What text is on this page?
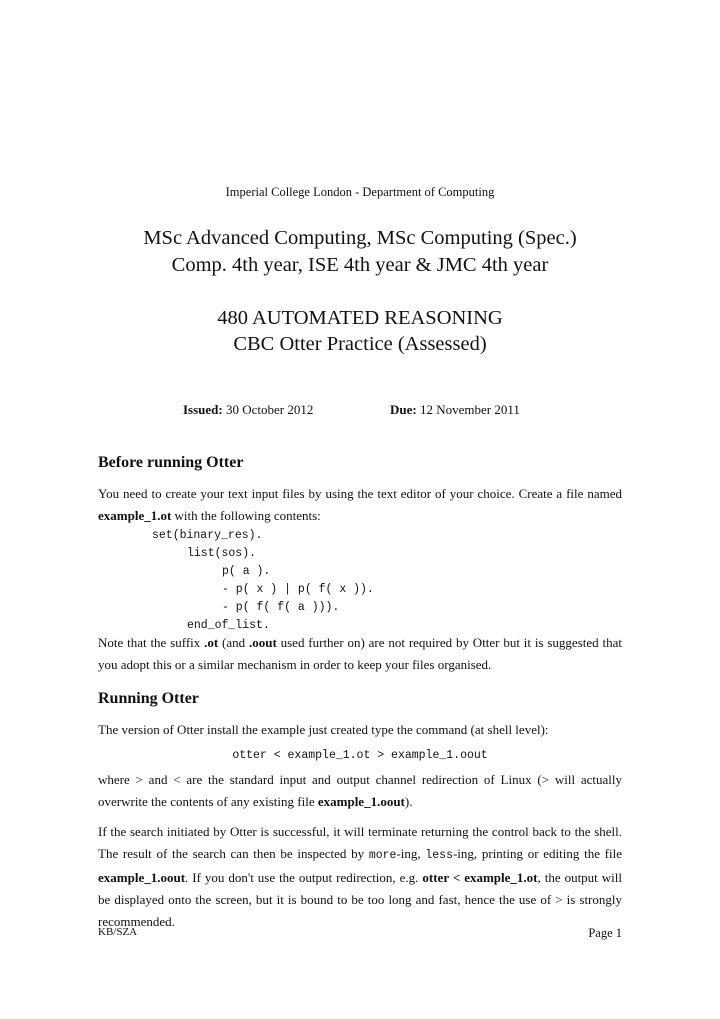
Imperial College London - Department of Computing
MSc Advanced Computing, MSc Computing (Spec.)
Comp. 4th year, ISE 4th year & JMC 4th year
480 AUTOMATED REASONING
CBC Otter Practice (Assessed)
Issued: 30 October 2012	Due: 12 November 2011
Before running Otter

You need to create your text input files by using the text editor of your choice. Create a file named example_1.ot with the following contents:

set(binary_res).
list(sos).
p( a ).
- p( x ) | p( f( x )).
- p( f( f( a ))).
end_of_list.

Note that the suffix .ot (and .oout used further on) are not required by Otter but it is suggested that you adopt this or a similar mechanism in order to keep your files organised.

Running Otter

The version of Otter install the example just created type the command (at shell level):

otter < example_1.ot > example_1.oout

where > and < are the standard input and output channel redirection of Linux (> will actually overwrite the contents of any existing file example_1.oout).

If the search initiated by Otter is successful, it will terminate returning the control back to the shell. The result of the search can then be inspected by more-ing, less-ing, printing or editing the file example_1.oout. If you don't use the output redirection, e.g. otter < example_1.ot, the output will be displayed onto the screen, but it is bound to be too long and fast, hence the use of > is strongly recommended.

KB/SZA	Page 1
